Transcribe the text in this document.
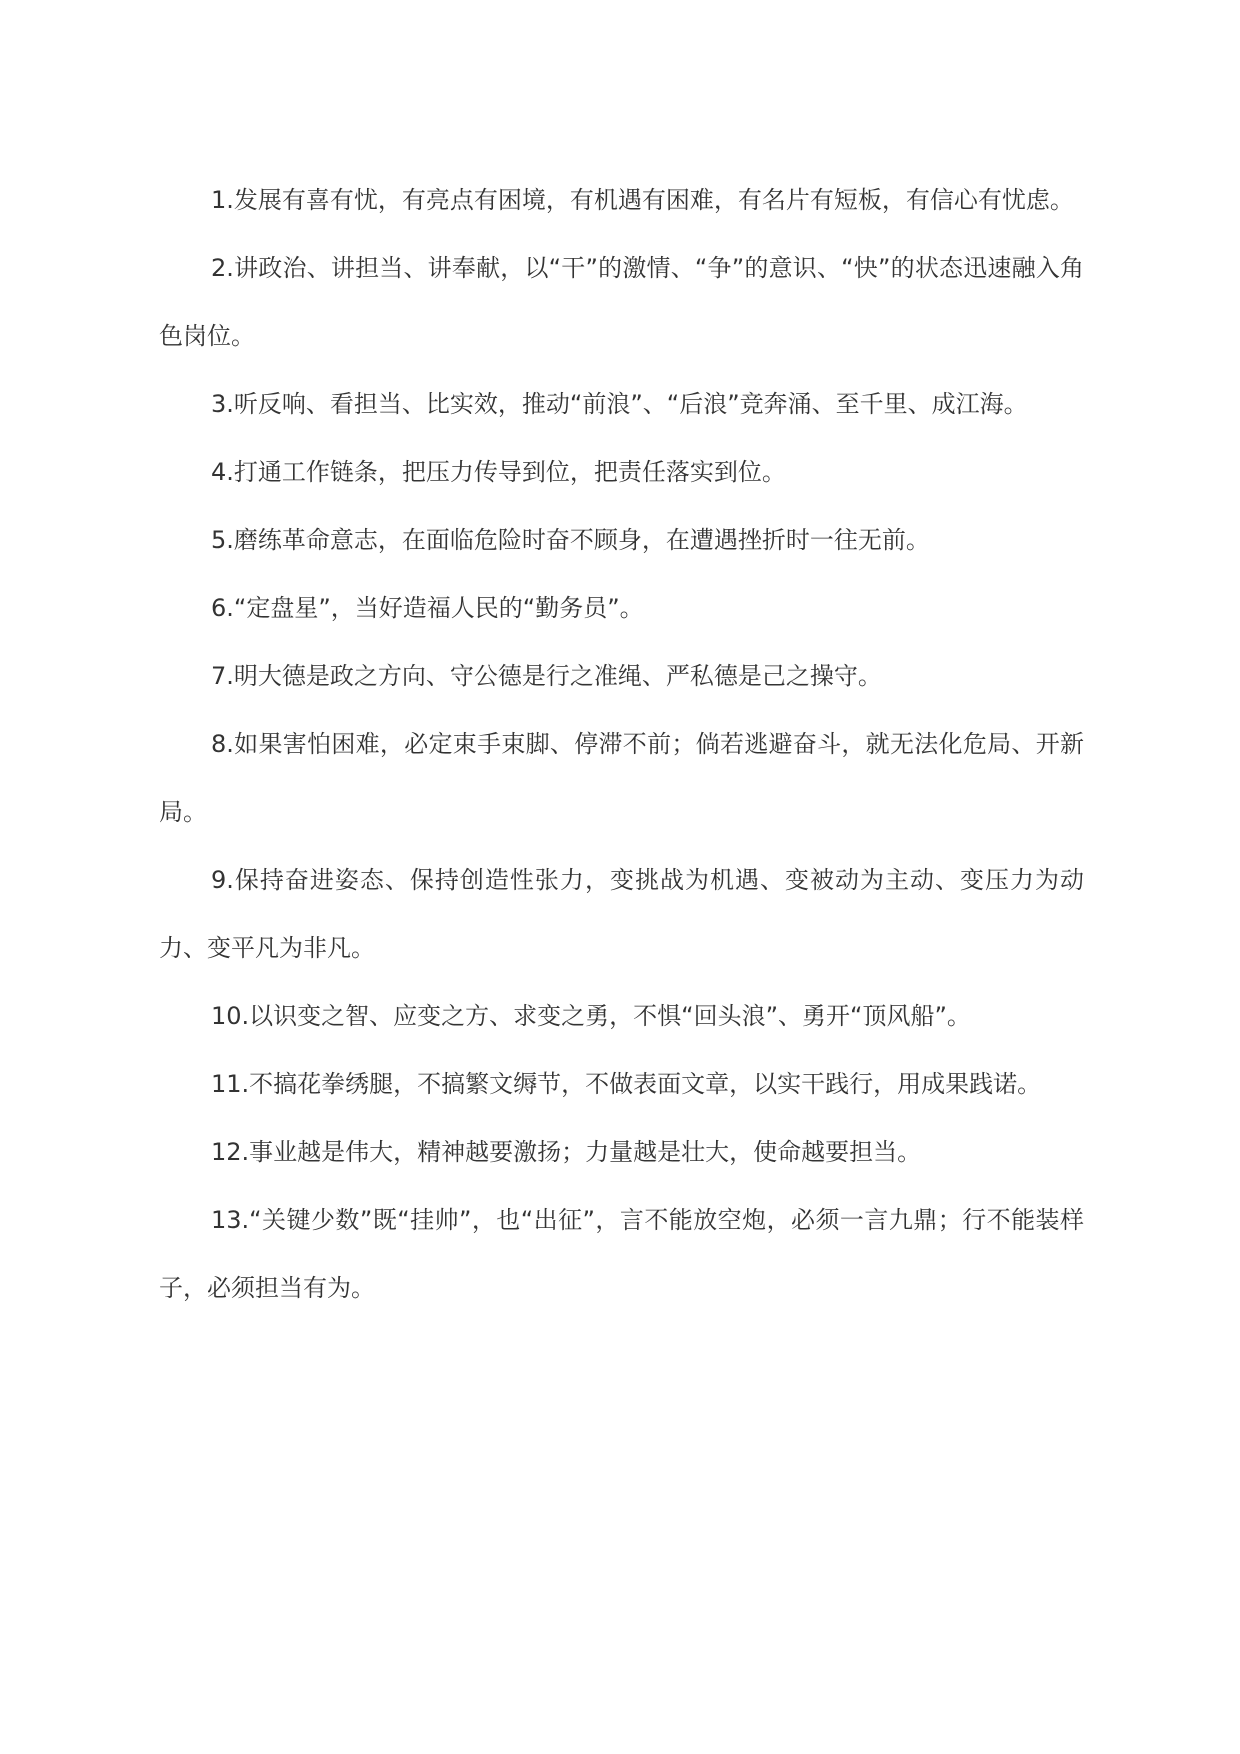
1.发展有喜有忧，有亮点有困境，有机遇有困难，有名片有短板，有信心有忧虑。

2.讲政治、讲担当、讲奉献，以“干”的激情、“争”的意识、“快”的状态迅速融入角色岗位。

3.听反响、看担当、比实效，推动“前浪”、“后浪”竞奔涌、至千里、成江海。

4.打通工作链条，把压力传导到位，把责任落实到位。

5.磨练革命意志，在面临危险时奋不顾身，在遭遇挫折时一往无前。

6.“定盘星”，当好造福人民的“勤务员”。

7.明大德是政之方向、守公德是行之准绳、严私德是己之操守。

8.如果害怕困难，必定束手束脚、停滞不前；倘若逃避奋斗，就无法化危局、开新局。

9.保持奋进姿态、保持创造性张力，变挑战为机遇、变被动为主动、变压力为动力、变平凡为非凡。

10.以识变之智、应变之方、求变之勇，不惧“回头浪”、勇开“顶风船”。

11.不搞花拳绣腿，不搞繁文缛节，不做表面文章，以实干践行，用成果践诺。

12.事业越是伟大，精神越要激扬；力量越是壮大，使命越要担当。

13.“关键少数”既“挂帅”，也“出征”，言不能放空炮，必须一言九鼎；行不能装样子，必须担当有为。
